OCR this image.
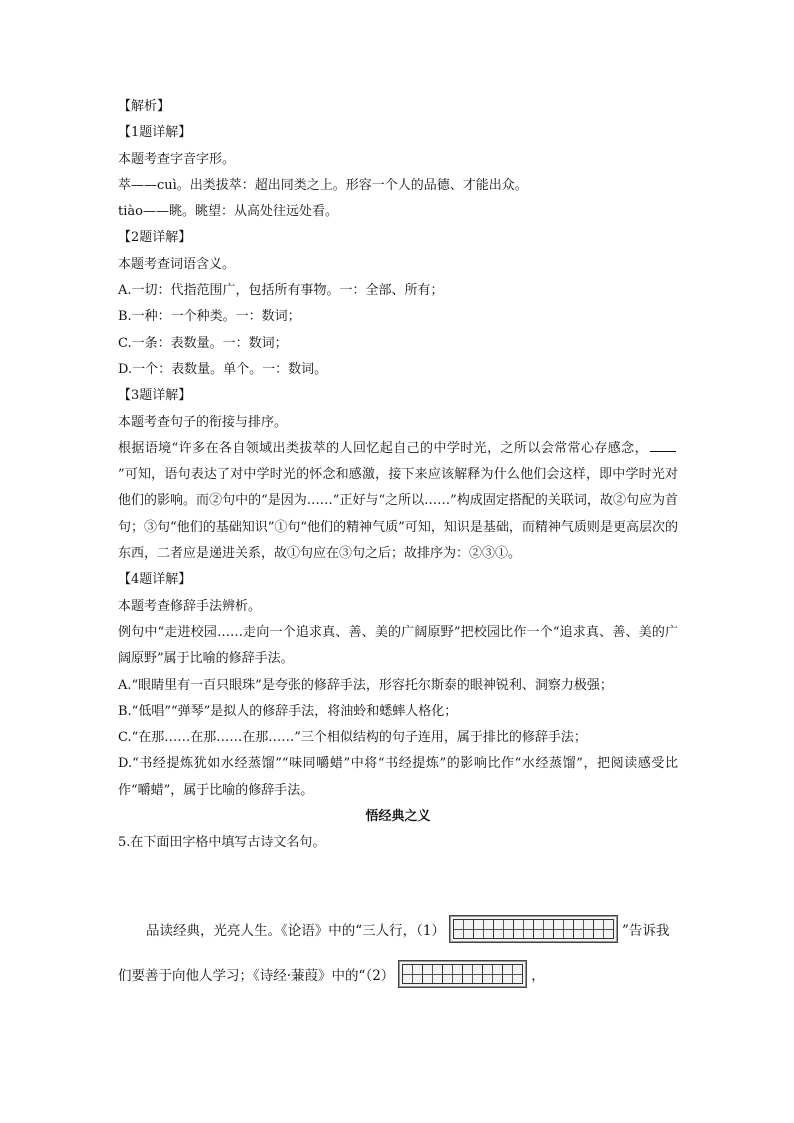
【解析】

【1题详解】

本题考查字音字形。

萃——cuì。出类拔萃：超出同类之上。形容一个人的品德、才能出众。

tiào——眺。眺望：从高处往远处看。

【2题详解】

本题考查词语含义。

A.一切：代指范围广，包括所有事物。一：全部、所有；

B.一种：一个种类。一：数词；

C.一条：表数量。一：数词；

D.一个：表数量。单个。一：数词。

【3题详解】

本题考查句子的衔接与排序。

根据语境“许多在各自领域出类拔萃的人回忆起自己的中学时光，之所以会常常心存感念，”可知，语句表达了对中学时光的怀念和感激，接下来应该解释为什么他们会这样，即中学时光对他们的影响。而②句中的“是因为……”正好与“之所以……”构成固定搭配的关联词，故②句应为首句；③句“他们的基础知识”①句“他们的精神气质”可知，知识是基础，而精神气质则是更高层次的东西，二者应是递进关系，故①句应在③句之后；故排序为：②③①。

【4题详解】

本题考查修辞手法辨析。

例句中“走进校园……走向一个追求真、善、美的广阔原野”把校园比作一个“追求真、善、美的广阔原野”属于比喻的修辞手法。

A.“眼睛里有一百只眼珠”是夸张的修辞手法，形容托尔斯泰的眼神锐利、洞察力极强；

B.“低唱”“弹琴”是拟人的修辞手法，将油蛉和蟋蟀人格化；

C.“在那……在那……在那……”三个相似结构的句子连用，属于排比的修辞手法；

D.“书经提炼犹如水经蒸馏”“味同嚼蜡”中将“书经提炼”的影响比作“水经蒸馏”，把阅读感受比作“嚼蜡”，属于比喻的修辞手法。

悟经典之义

5.在下面田字格中填写古诗文名句。

品读经典，光亮人生。《论语》中的“三人行，（1）	”告诉我
们要善于向他人学习；《诗经·蒹葭》中的“（2）	，
